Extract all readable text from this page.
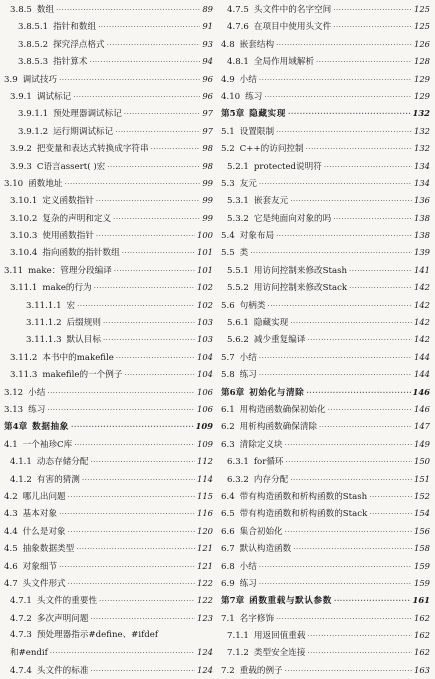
3.8.5 数组 ·····	89
3.8.5.1 指针和数组 ·····	91
3.8.5.2 探究浮点格式 ·····	93
3.8.5.3 指针算术 ·····	94
3.9 调试技巧 ·····	96
3.9.1 调试标记 ·····	96
3.9.1.1 预处理器调试标记 ·····	97
3.9.1.2 运行期调试标记 ·····	97
3.9.2 把变量和表达式转换成字符串 ·····	98
3.9.3 C语言assert( )宏 ·····	98
3.10 函数地址 ·····	99
3.10.1 定义函数指针 ·····	99
3.10.2 复杂的声明和定义 ·····	99
3.10.3 使用函数指针 ·····	100
3.10.4 指向函数的指针数组 ·····	101
3.11 make：管理分段编译 ·····	101
3.11.1 make的行为 ·····	102
3.11.1.1 宏 ·····	102
3.11.1.2 后缀规则 ·····	103
3.11.1.3 默认目标 ·····	103
3.11.2 本书中的makefile ·····	104
3.11.3 makefile的一个例子 ·····	104
3.12 小结 ·····	106
3.13 练习 ·····	106
第4章 数据抽象 ·····	109
4.1 一个袖珍C库 ·····	109
4.1.1 动态存储分配 ·····	112
4.1.2 有害的猜测 ·····	114
4.2 哪儿出问题 ·····	115
4.3 基本对象 ·····	116
4.4 什么是对象 ·····	120
4.5 抽象数据类型 ·····	121
4.6 对象细节 ·····	121
4.7 头文件形式 ·····	122
4.7.1 头文件的重要性 ·····	122
4.7.2 多次声明问题 ·····	123
4.7.3 预处理器指示#define、#ifdef
和#endif ·····	124
4.7.4 头文件的标准 ·····	124
4.7.5 头文件中的名字空间 ·····	125
4.7.6 在项目中使用头文件 ·····	125
4.8 嵌套结构 ·····	126
4.8.1 全局作用域解析 ·····	128
4.9 小结 ·····	129
4.10 练习 ·····	129
第5章 隐藏实现 ·····	132
5.1 设置限制 ·····	132
5.2 C++的访问控制 ·····	132
5.2.1 protected说明符 ·····	134
5.3 友元 ·····	134
5.3.1 嵌套友元 ·····	136
5.3.2 它是纯面向对象的吗 ·····	138
5.4 对象布局 ·····	138
5.5 类 ·····	139
5.5.1 用访问控制来修改Stash ·····	141
5.5.2 用访问控制来修改Stack ·····	142
5.6 句柄类 ·····	142
5.6.1 隐藏实现 ·····	142
5.6.2 减少重复编译 ·····	142
5.7 小结 ·····	144
5.8 练习 ·····	144
第6章 初始化与清除 ·····	146
6.1 用构造函数确保初始化 ·····	146
6.2 用析构函数确保清除 ·····	147
6.3 清除定义块 ·····	149
6.3.1 for循环 ·····	150
6.3.2 内存分配 ·····	151
6.4 带有构造函数和析构函数的Stash ·····	152
6.5 带有构造函数和析构函数的Stack ·····	154
6.6 集合初始化 ·····	156
6.7 默认构造函数 ·····	158
6.8 小结 ·····	159
6.9 练习 ·····	159
第7章 函数重载与默认参数 ·····	161
7.1 名字修饰 ·····	162
7.1.1 用返回值重载 ·····	162
7.1.2 类型安全连接 ·····	162
7.2 重载的例子 ·····	163
